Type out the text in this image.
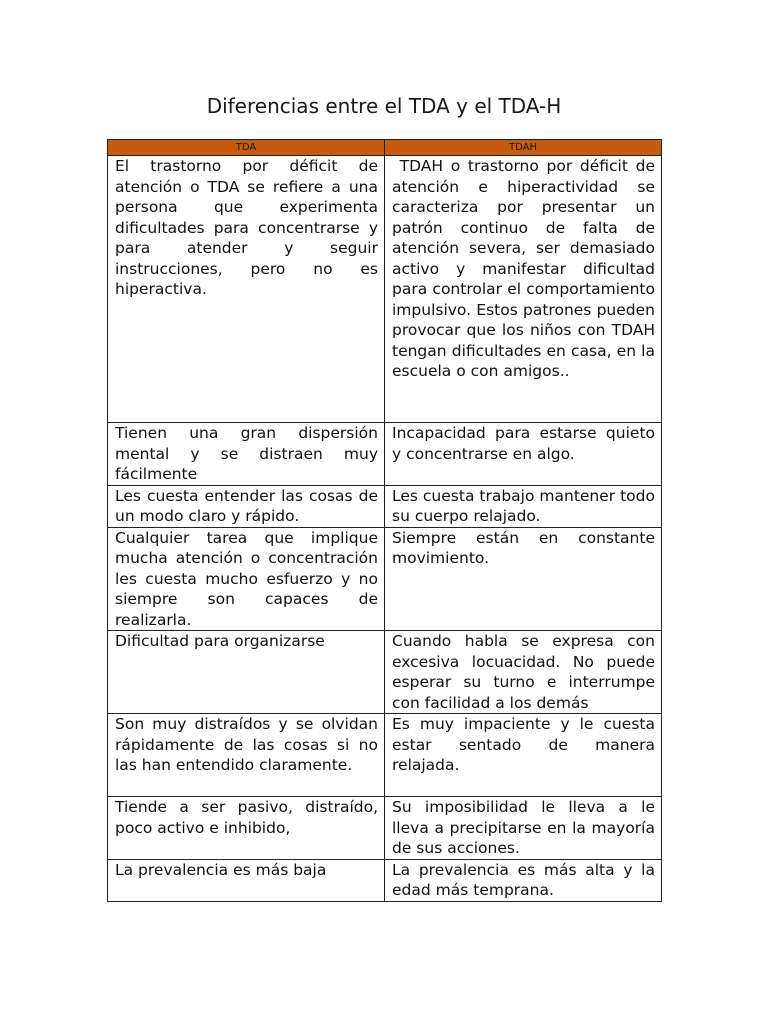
Diferencias entre el TDA y el TDA-H
TDA	TDAH
El trastorno por déficit de atención o TDA se refiere a una persona que experimenta dificultades para concentrarse y para atender y seguir instrucciones, pero no es hiperactiva.	TDAH o trastorno por déficit de atención e hiperactividad se caracteriza por presentar un patrón continuo de falta de atención severa, ser demasiado activo y manifestar dificultad para controlar el comportamiento impulsivo. Estos patrones pueden provocar que los niños con TDAH tengan dificultades en casa, en la escuela o con amigos..
Tienen una gran dispersión mental y se distraen muy fácilmente	Incapacidad para estarse quieto y concentrarse en algo.
Les cuesta entender las cosas de un modo claro y rápido.	Les cuesta trabajo mantener todo su cuerpo relajado.
Cualquier tarea que implique mucha atención o concentración les cuesta mucho esfuerzo y no siempre son capaces de realizarla.	Siempre están en constante movimiento.
Dificultad para organizarse	Cuando habla se expresa con excesiva locuacidad. No puede esperar su turno e interrumpe con facilidad a los demás
Son muy distraídos y se olvidan rápidamente de las cosas si no las han entendido claramente.	Es muy impaciente y le cuesta estar sentado de manera relajada.
Tiende a ser pasivo, distraído, poco activo e inhibido,	Su imposibilidad le lleva a le lleva a precipitarse en la mayoría de sus acciones.
La prevalencia es más baja	La prevalencia es más alta y la edad más temprana.
